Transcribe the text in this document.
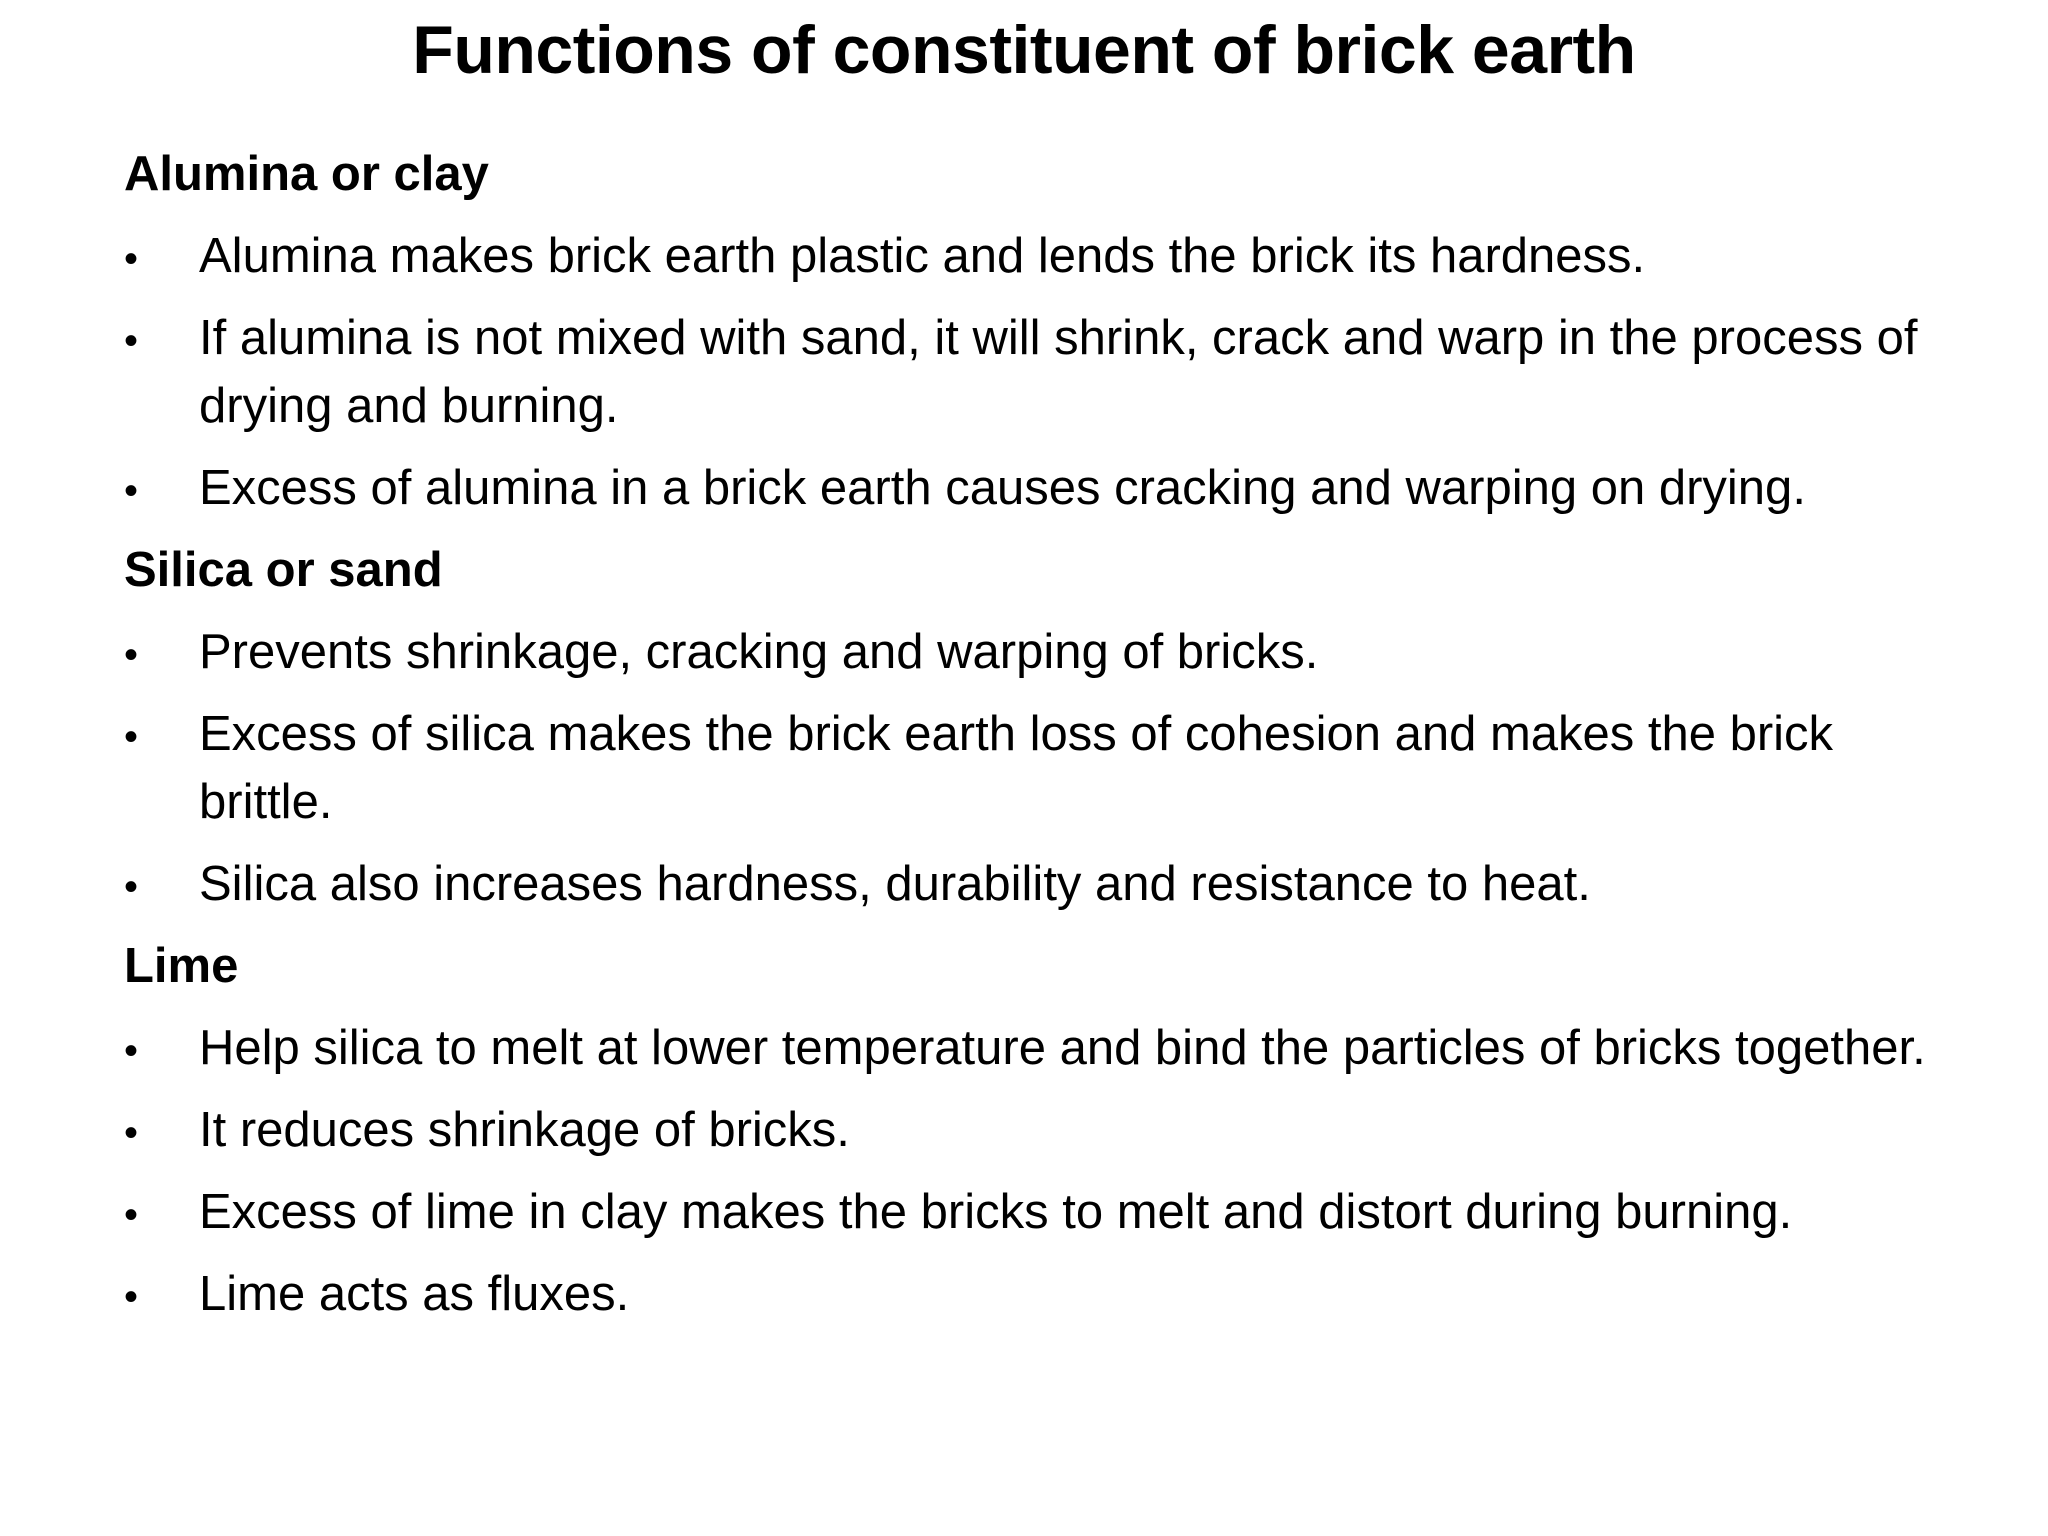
Functions of constituent of brick earth
Alumina or clay
•
Alumina makes brick earth plastic and lends the brick its hardness.
•
If alumina is not mixed with sand, it will shrink, crack and warp in the process of drying and burning.
•
Excess of alumina in a brick earth causes cracking and warping on drying.
Silica or sand
•
Prevents shrinkage, cracking and warping of bricks.
•
Excess of silica makes the brick earth loss of cohesion and makes the brick brittle.
•
Silica also increases hardness, durability and resistance to heat.
Lime
•
Help silica to melt at lower temperature and bind the particles of bricks together.
•
It reduces shrinkage of bricks.
•
Excess of lime in clay makes the bricks to melt and distort during burning.
•
Lime acts as fluxes.
